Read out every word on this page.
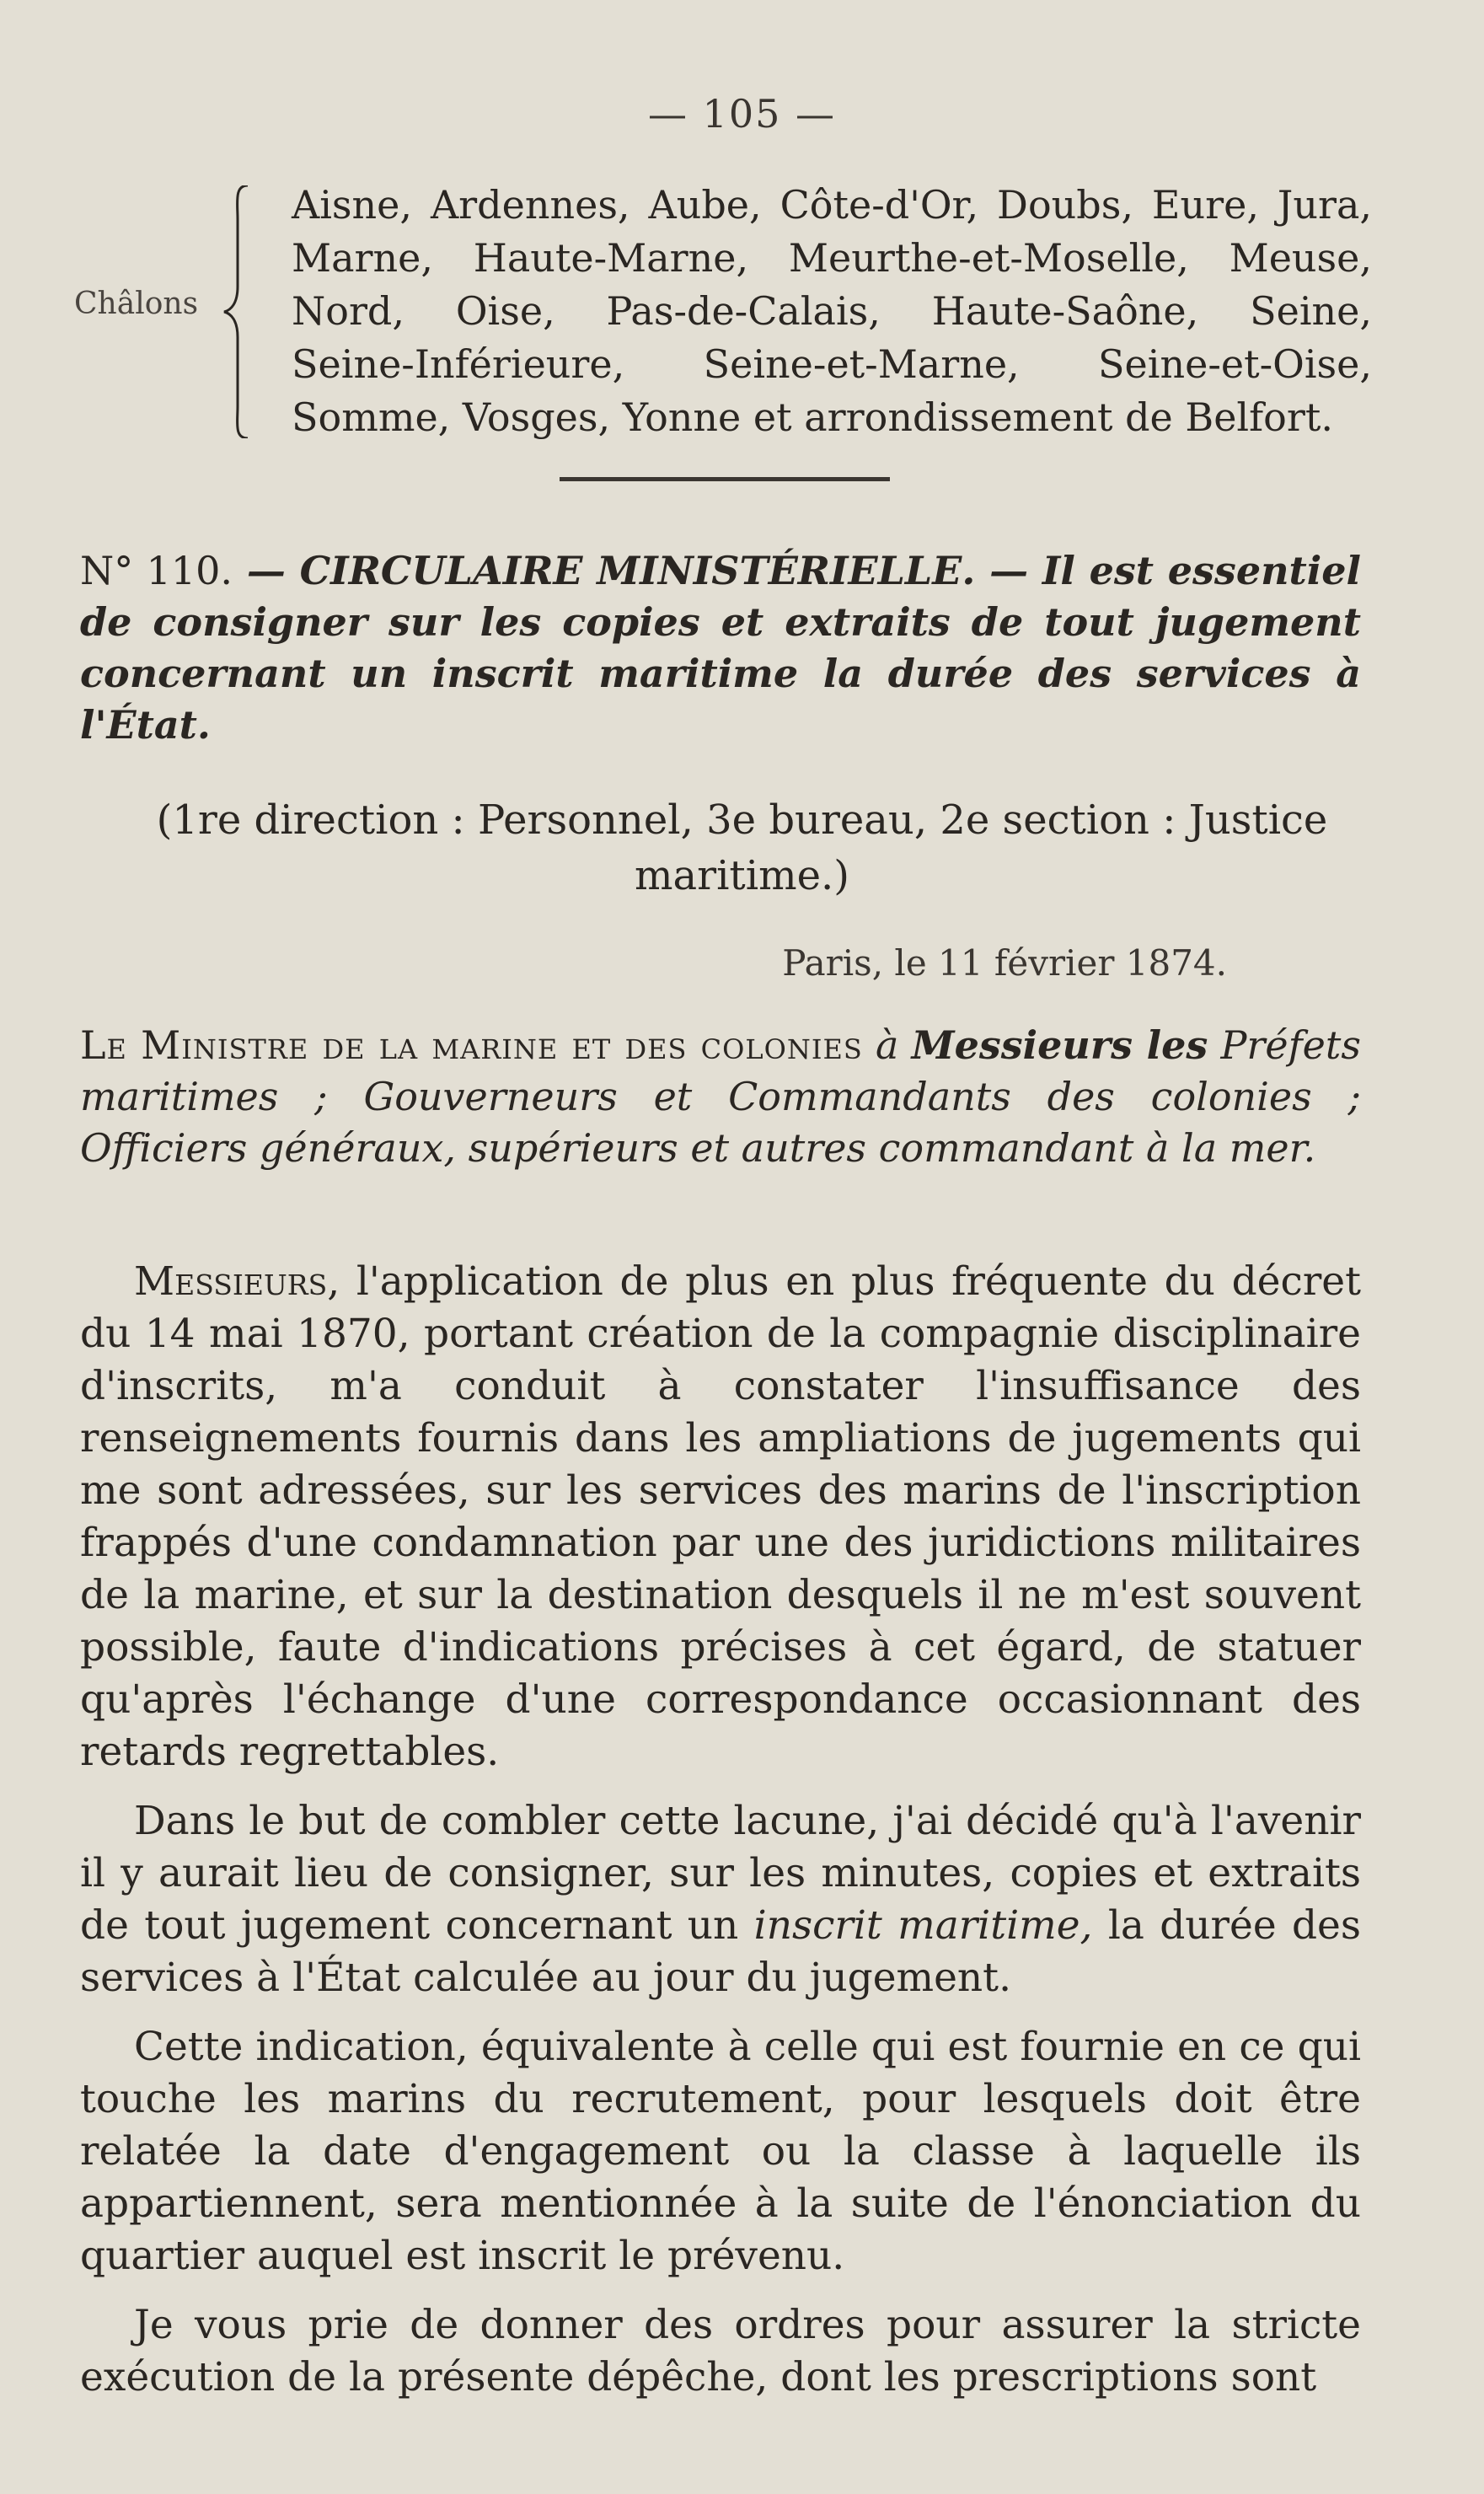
— 105 —
Châlons
Aisne, Ardennes, Aube, Côte-d'Or, Doubs, Eure, Jura,
Marne, Haute-Marne, Meurthe-et-Moselle, Meuse,
Nord, Oise, Pas-de-Calais, Haute-Saône, Seine,
Seine-Inférieure, Seine-et-Marne, Seine-et-Oise,
Somme, Vosges, Yonne et arrondissement de Belfort.
N° 110. — CIRCULAIRE MINISTÉRIELLE. — Il est essentiel de consigner sur les copies et extraits de tout jugement concernant un inscrit maritime la durée des services à l'État.
(1re direction : Personnel, 3e bureau, 2e section : Justice
maritime.)
Paris, le 11 février 1874.
Le Ministre de la marine et des colonies à Messieurs les Préfets maritimes ; Gouverneurs et Commandants des colonies ; Officiers généraux, supérieurs et autres commandant à la mer.

Messieurs, l'application de plus en plus fréquente du décret du 14 mai 1870, portant création de la compagnie disciplinaire d'inscrits, m'a conduit à constater l'insuffisance des renseignements fournis dans les ampliations de jugements qui me sont adressées, sur les services des marins de l'inscription frappés d'une condamnation par une des juridictions militaires de la marine, et sur la destination desquels il ne m'est souvent possible, faute d'indications précises à cet égard, de statuer qu'après l'échange d'une correspondance occasionnant des retards regrettables.

Dans le but de combler cette lacune, j'ai décidé qu'à l'avenir il y aurait lieu de consigner, sur les minutes, copies et extraits de tout jugement concernant un inscrit maritime, la durée des services à l'État calculée au jour du jugement.

Cette indication, équivalente à celle qui est fournie en ce qui touche les marins du recrutement, pour lesquels doit être relatée la date d'engagement ou la classe à laquelle ils appartiennent, sera mentionnée à la suite de l'énonciation du quartier auquel est inscrit le prévenu.

Je vous prie de donner des ordres pour assurer la stricte exécution de la présente dépêche, dont les prescriptions sont
